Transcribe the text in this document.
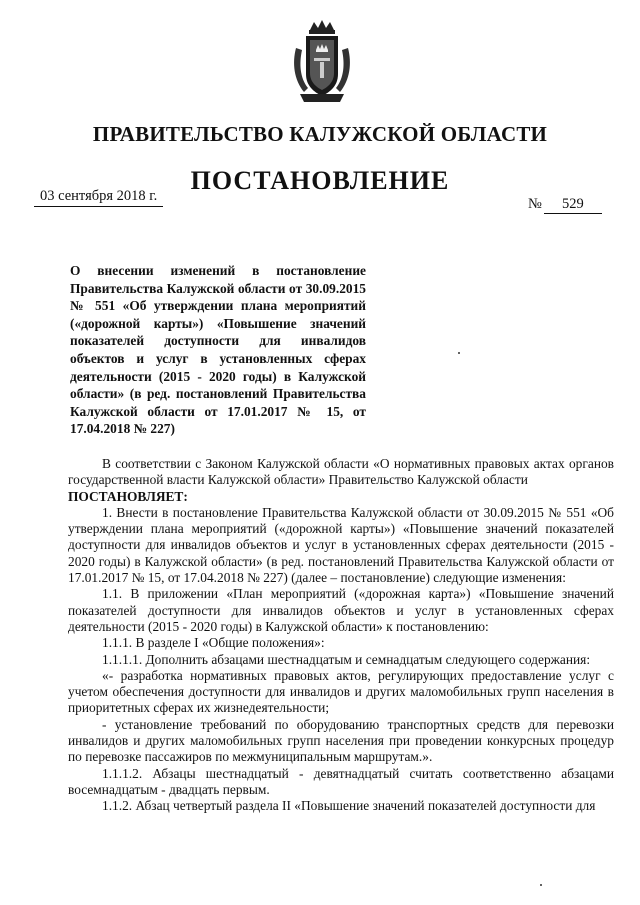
ПРАВИТЕЛЬСТВО КАЛУЖСКОЙ ОБЛАСТИ
ПОСТАНОВЛЕНИЕ
03 сентября 2018 г.	№ 529
О внесении изменений в постановление Правительства Калужской области от 30.09.2015 № 551 «Об утверждении плана мероприятий («дорожной карты») «Повышение значений показателей доступности для инвалидов объектов и услуг в установленных сферах деятельности (2015 - 2020 годы) в Калужской области» (в ред. постановлений Правительства Калужской области от 17.01.2017 № 15, от 17.04.2018 № 227)

В соответствии с Законом Калужской области «О нормативных правовых актах органов государственной власти Калужской области» Правительство Калужской области

ПОСТАНОВЛЯЕТ:

1. Внести в постановление Правительства Калужской области от 30.09.2015 № 551 «Об утверждении плана мероприятий («дорожной карты») «Повышение значений показателей доступности для инвалидов объектов и услуг в установленных сферах деятельности (2015 - 2020 годы) в Калужской области» (в ред. постановлений Правительства Калужской области от 17.01.2017 № 15, от 17.04.2018 № 227) (далее – постановление) следующие изменения:

1.1. В приложении «План мероприятий («дорожная карта») «Повышение значений показателей доступности для инвалидов объектов и услуг в установленных сферах деятельности (2015 - 2020 годы) в Калужской области» к постановлению:

1.1.1. В разделе I «Общие положения»:

1.1.1.1. Дополнить абзацами шестнадцатым и семнадцатым следующего содержания:

«- разработка нормативных правовых актов, регулирующих предоставление услуг с учетом обеспечения доступности для инвалидов и других маломобильных групп населения в приоритетных сферах их жизнедеятельности;

- установление требований по оборудованию транспортных средств для перевозки инвалидов и других маломобильных групп населения при проведении конкурсных процедур по перевозке пассажиров по межмуниципальным маршрутам.».

1.1.1.2. Абзацы шестнадцатый - девятнадцатый считать соответственно абзацами восемнадцатым - двадцать первым.

1.1.2. Абзац четвертый раздела II «Повышение значений показателей доступности для
